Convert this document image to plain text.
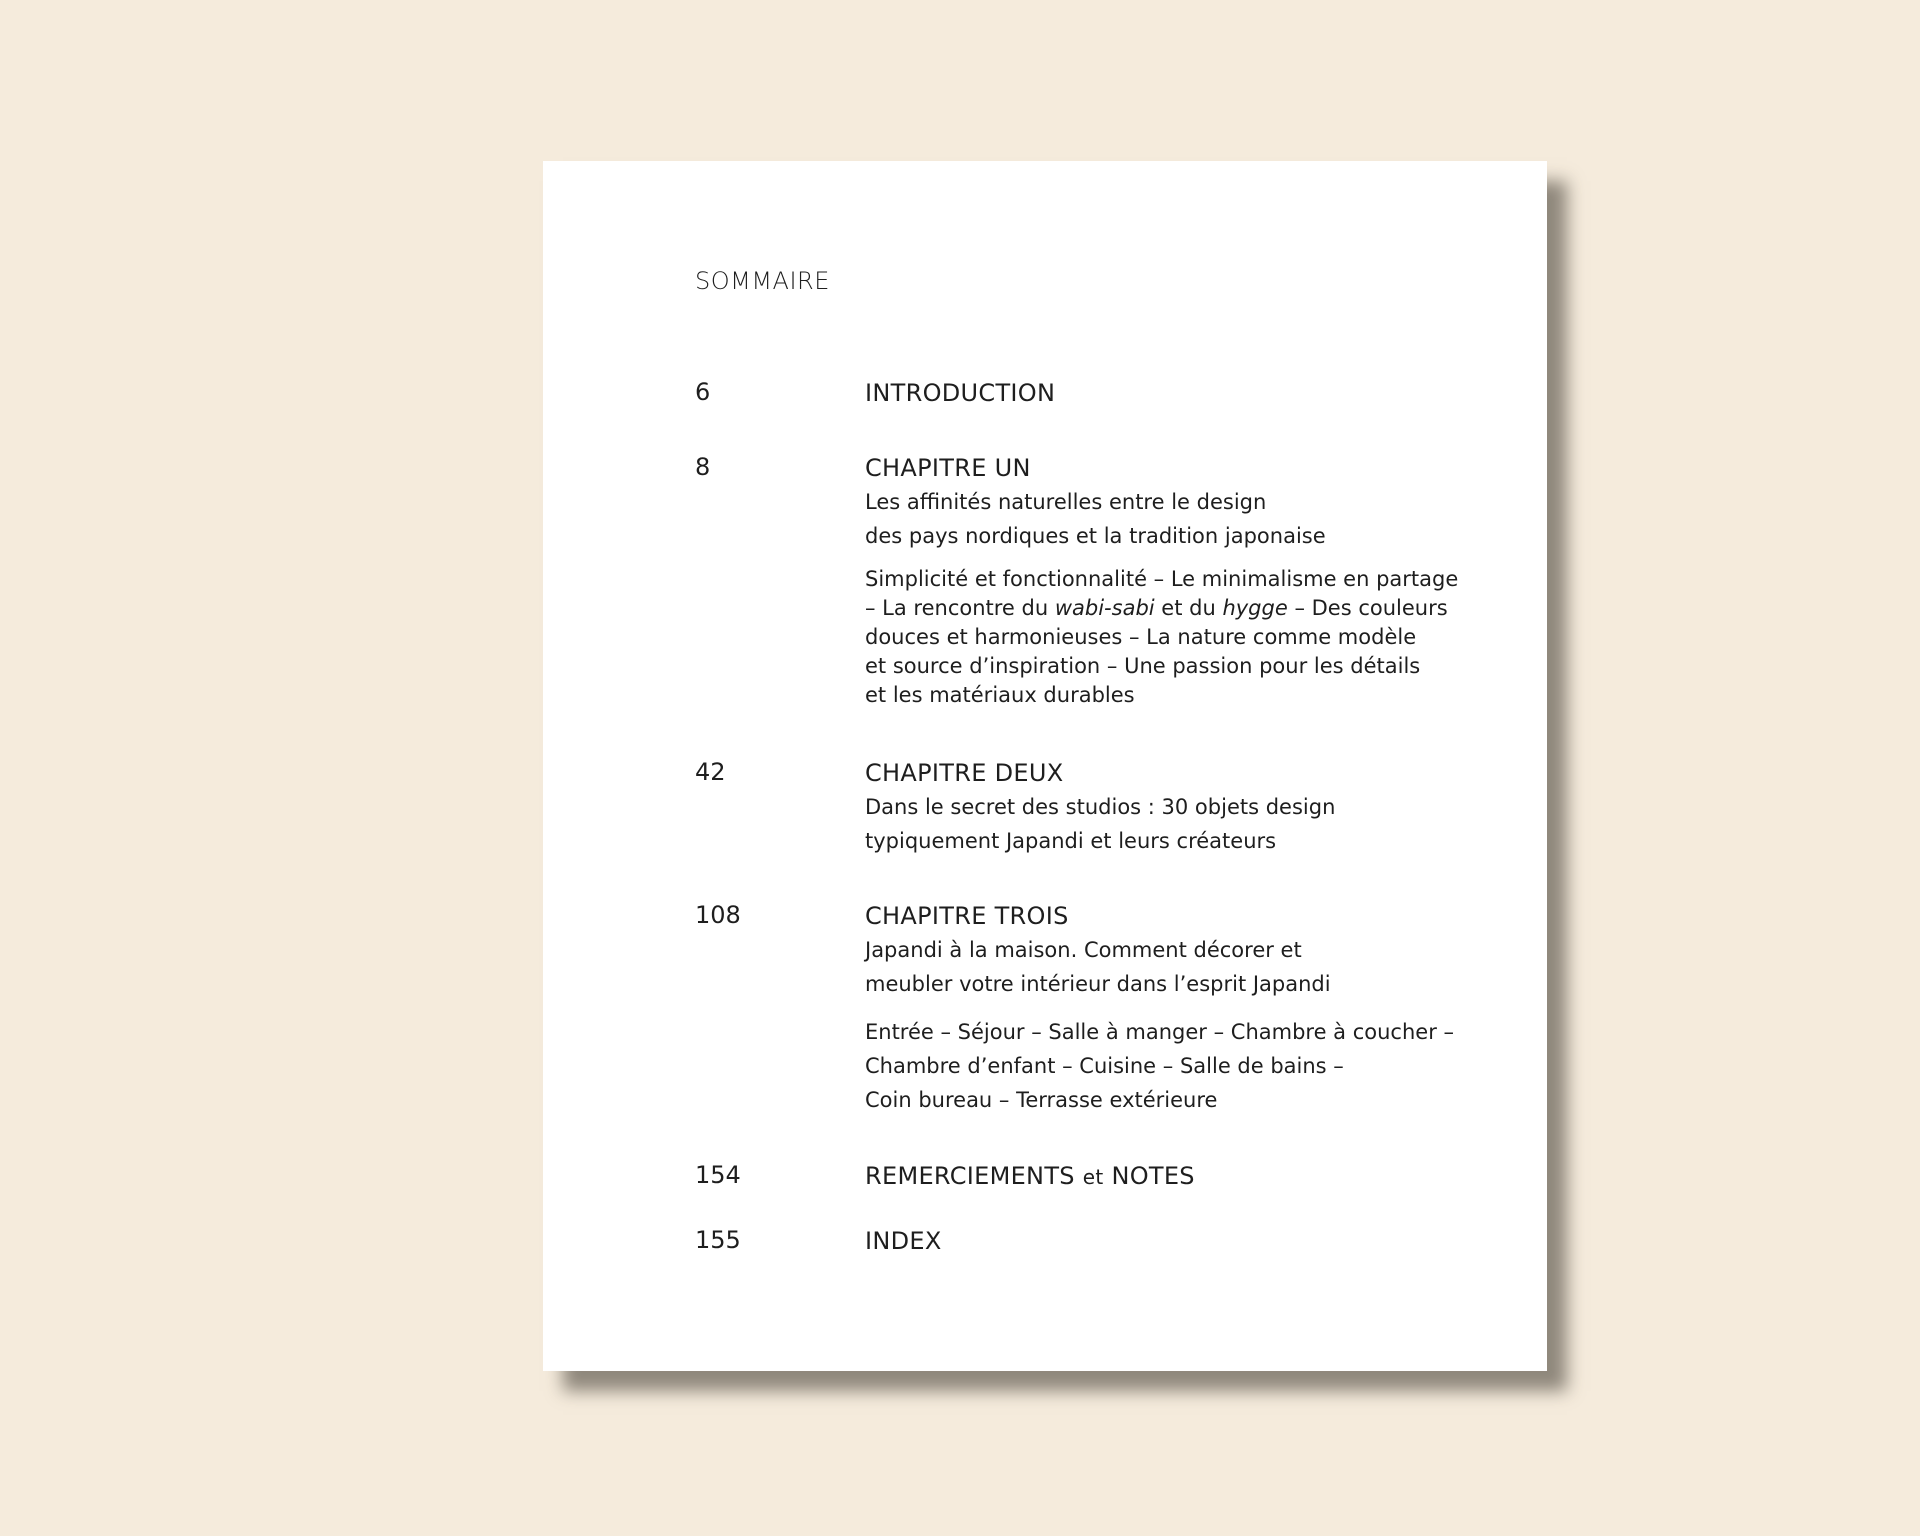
SOMMAIRE
6	INTRODUCTION
8	CHAPITRE UN
Les affinités naturelles entre le design
des pays nordiques et la tradition japonaise
Simplicité et fonctionnalité – Le minimalisme en partage
– La rencontre du wabi-sabi et du hygge – Des couleurs
douces et harmonieuses – La nature comme modèle
et source d’inspiration – Une passion pour les détails
et les matériaux durables
42	CHAPITRE DEUX
Dans le secret des studios : 30 objets design
typiquement Japandi et leurs créateurs
108	CHAPITRE TROIS
Japandi à la maison. Comment décorer et
meubler votre intérieur dans l’esprit Japandi
Entrée – Séjour – Salle à manger – Chambre à coucher –
Chambre d’enfant – Cuisine – Salle de bains –
Coin bureau – Terrasse extérieure
154	REMERCIEMENTS et NOTES
155	INDEX
